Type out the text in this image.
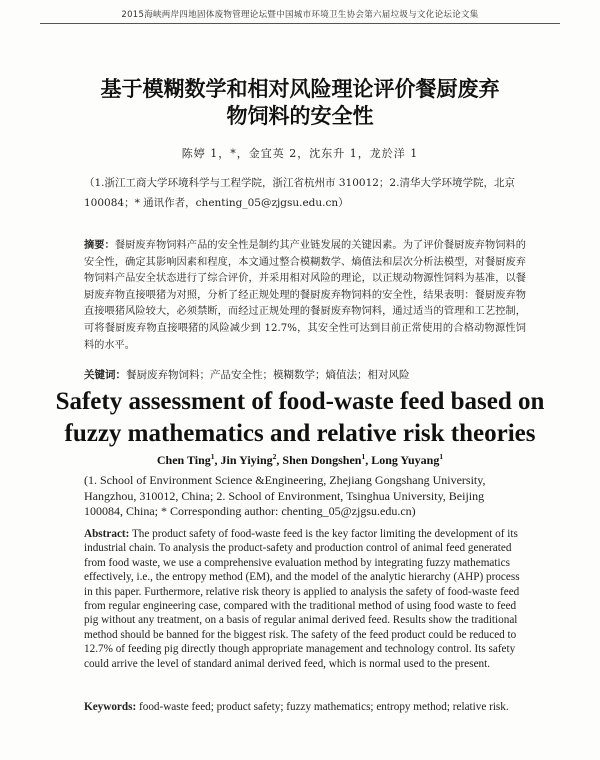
2015海峡两岸四地固体废物管理论坛暨中国城市环境卫生协会第六届垃圾与文化论坛论文集
基于模糊数学和相对风险理论评价餐厨废弃
物饲料的安全性
陈婷 1，*，金宜英 2，沈东升 1，龙於洋 1
（1.浙江工商大学环境科学与工程学院，浙江省杭州市 310012；2.清华大学环境学院，北京 100084；* 通讯作者，chenting_05@zjgsu.edu.cn）
摘要：餐厨废弃物饲料产品的安全性是制约其产业链发展的关键因素。为了评价餐厨废弃物饲料的安全性，确定其影响因素和程度，本文通过整合模糊数学、熵值法和层次分析法模型，对餐厨废弃物饲料产品安全状态进行了综合评价，并采用相对风险的理论，以正规动物源性饲料为基准，以餐厨废弃物直接喂猪为对照，分析了经正规处理的餐厨废弃物饲料的安全性，结果表明：餐厨废弃物直接喂猪风险较大，必须禁断，而经过正规处理的餐厨废弃物饲料，通过适当的管理和工艺控制，可将餐厨废弃物直接喂猪的风险减少到 12.7%，其安全性可达到目前正常使用的合格动物源性饲料的水平。
关键词：餐厨废弃物饲料；产品安全性；模糊数学；熵值法；相对风险
Safety assessment of food-waste feed based on
fuzzy mathematics and relative risk theories
Chen Ting$^1$, Jin Yiying$^2$, Shen Dongshen$^1$, Long Yuyang$^1$
(1. School of Environment Science &Engineering, Zhejiang Gongshang University, Hangzhou, 310012, China; 2. School of Environment, Tsinghua University, Beijing 100084, China; * Corresponding author: chenting_05@zjgsu.edu.cn)
Abstract: The product safety of food-waste feed is the key factor limiting the development of its industrial chain. To analysis the product-safety and production control of animal feed generated from food waste, we use a comprehensive evaluation method by integrating fuzzy mathematics effectively, i.e., the entropy method (EM), and the model of the analytic hierarchy (AHP) process in this paper. Furthermore, relative risk theory is applied to analysis the safety of food-waste feed from regular engineering case, compared with the traditional method of using food waste to feed pig without any treatment, on a basis of regular animal derived feed. Results show the traditional method should be banned for the biggest risk. The safety of the feed product could be reduced to 12.7% of feeding pig directly though appropriate management and technology control. Its safety could arrive the level of standard animal derived feed, which is normal used to the present.
Keywords: food-waste feed; product safety; fuzzy mathematics; entropy method; relative risk.
